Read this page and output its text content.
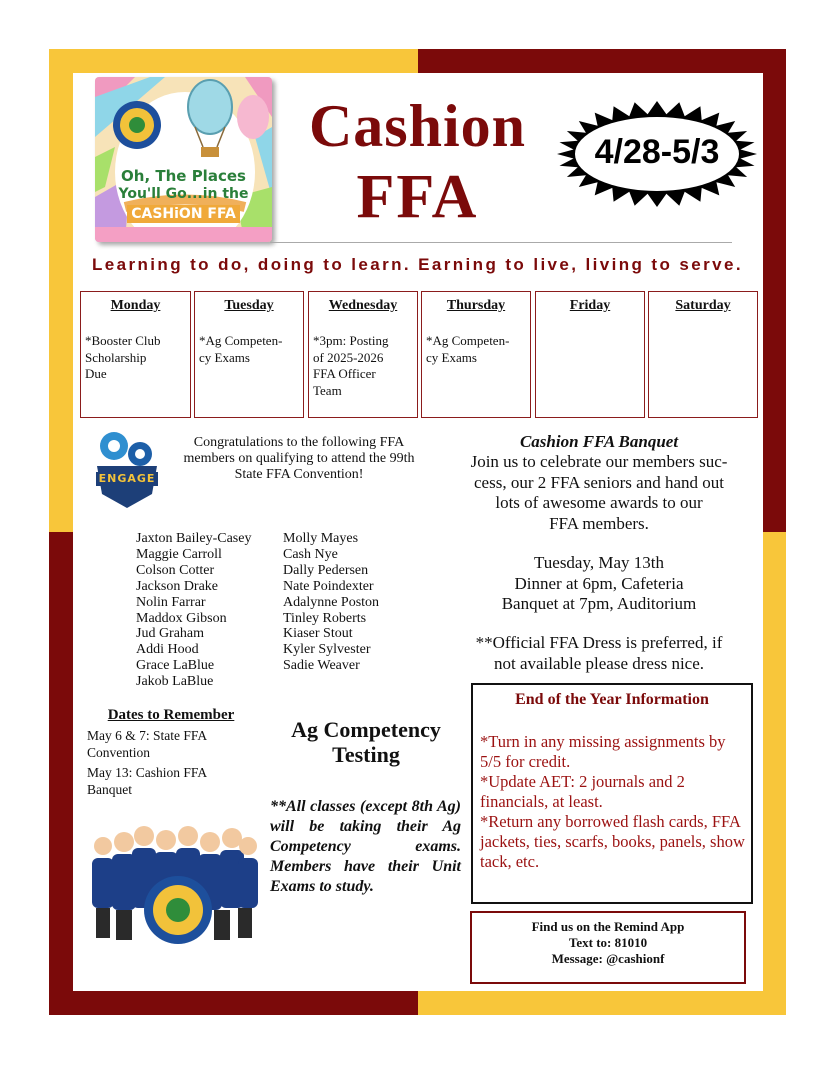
Oh, The Places
You'll Go...in the
CASHiON FFA
Cashion
FFA
4/28-5/3
Learning to do, doing to learn. Earning to live, living to serve.
Monday
*Booster Club
Scholarship
Due
Tuesday
*Ag Competen-
cy Exams
Wednesday
*3pm: Posting
of 2025-2026
FFA Officer
Team
Thursday
*Ag Competen-
cy Exams
Friday	Saturday
ENGAGE
Congratulations to the following FFA
members on qualifying to attend the 99th
State FFA Convention!
Jaxton Bailey-Casey
Maggie Carroll
Colson Cotter
Jackson Drake
Nolin Farrar
Maddox Gibson
Jud Graham
Addi Hood
Grace LaBlue
Jakob LaBlue
Molly Mayes
Cash Nye
Dally Pedersen
Nate Poindexter
Adalynne Poston
Tinley Roberts
Kiaser Stout
Kyler Sylvester
Sadie Weaver
Cashion FFA Banquet
Join us to celebrate our members suc-
cess, our 2 FFA seniors and hand out
lots of awesome awards to our
FFA members.
Tuesday, May 13th
Dinner at 6pm, Cafeteria
Banquet at 7pm, Auditorium
**Official FFA Dress is preferred, if
not available please dress nice.
Dates to Remember
May 6 & 7: State FFA
Convention
May 13: Cashion FFA
Banquet
Ag Competency
Testing
**All classes (except 8th Ag) will be taking their Ag Competency exams. Members have their Unit Exams to study.
End of the Year Information
*Turn in any missing assignments by 5/5 for credit.
*Update AET: 2 journals and 2 financials, at least.
*Return any borrowed flash cards, FFA jackets, ties, scarfs, books, panels, show tack, etc.
Find us on the Remind App
Text to: 81010
Message: @cashionf
